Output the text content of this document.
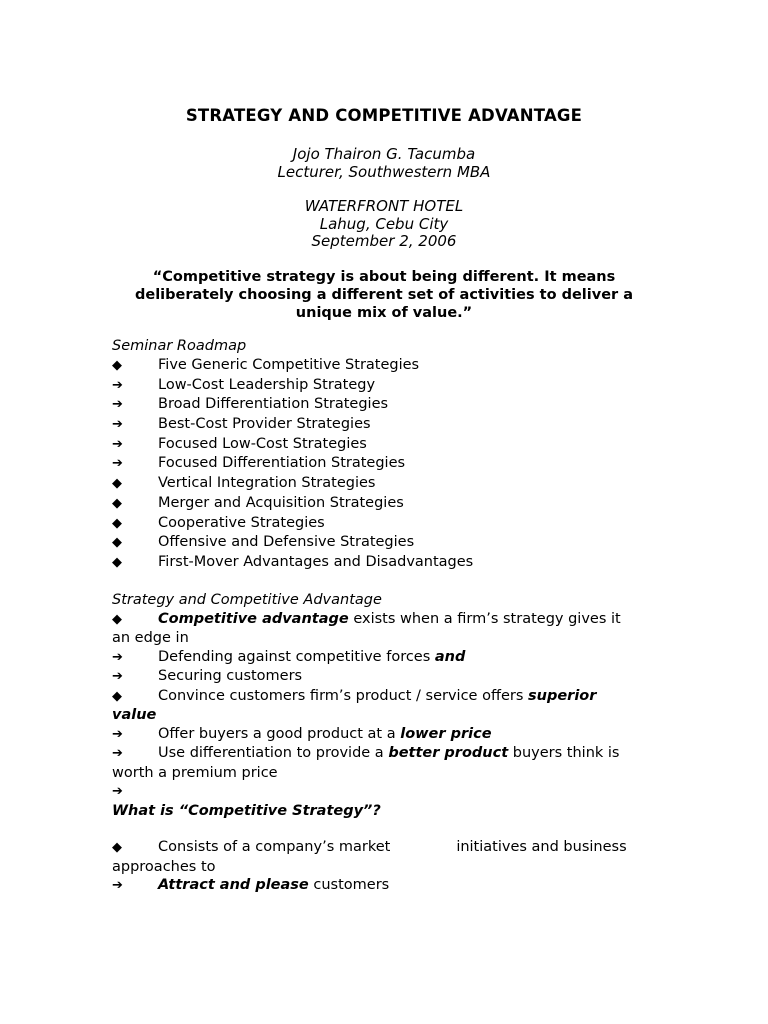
STRATEGY AND COMPETITIVE ADVANTAGE
Jojo Thairon G. Tacumba
Lecturer, Southwestern MBA
WATERFRONT HOTEL
Lahug, Cebu City
September 2, 2006
“Competitive strategy is about being different. It means
deliberately choosing a different set of activities to deliver a
unique mix of value.”
Seminar Roadmap
◆ Five Generic Competitive Strategies
➔ Low-Cost Leadership Strategy
➔ Broad Differentiation Strategies
➔ Best-Cost Provider Strategies
➔ Focused Low-Cost Strategies
➔ Focused Differentiation Strategies
◆ Vertical Integration Strategies
◆ Merger and Acquisition Strategies
◆ Cooperative Strategies
◆ Offensive and Defensive Strategies
◆ First-Mover Advantages and Disadvantages
Strategy and Competitive Advantage
◆ Competitive advantage exists when a firm’s strategy gives it
an edge in
➔ Defending against competitive forces and
➔ Securing customers
◆ Convince customers firm’s product / service offers superior
value
➔ Offer buyers a good product at a lower price
➔ Use differentiation to provide a better product buyers think is
worth a premium price
➔
What is “Competitive Strategy”?
◆ Consists of a company’s market	initiatives and business
approaches to
➔ Attract and please customers
